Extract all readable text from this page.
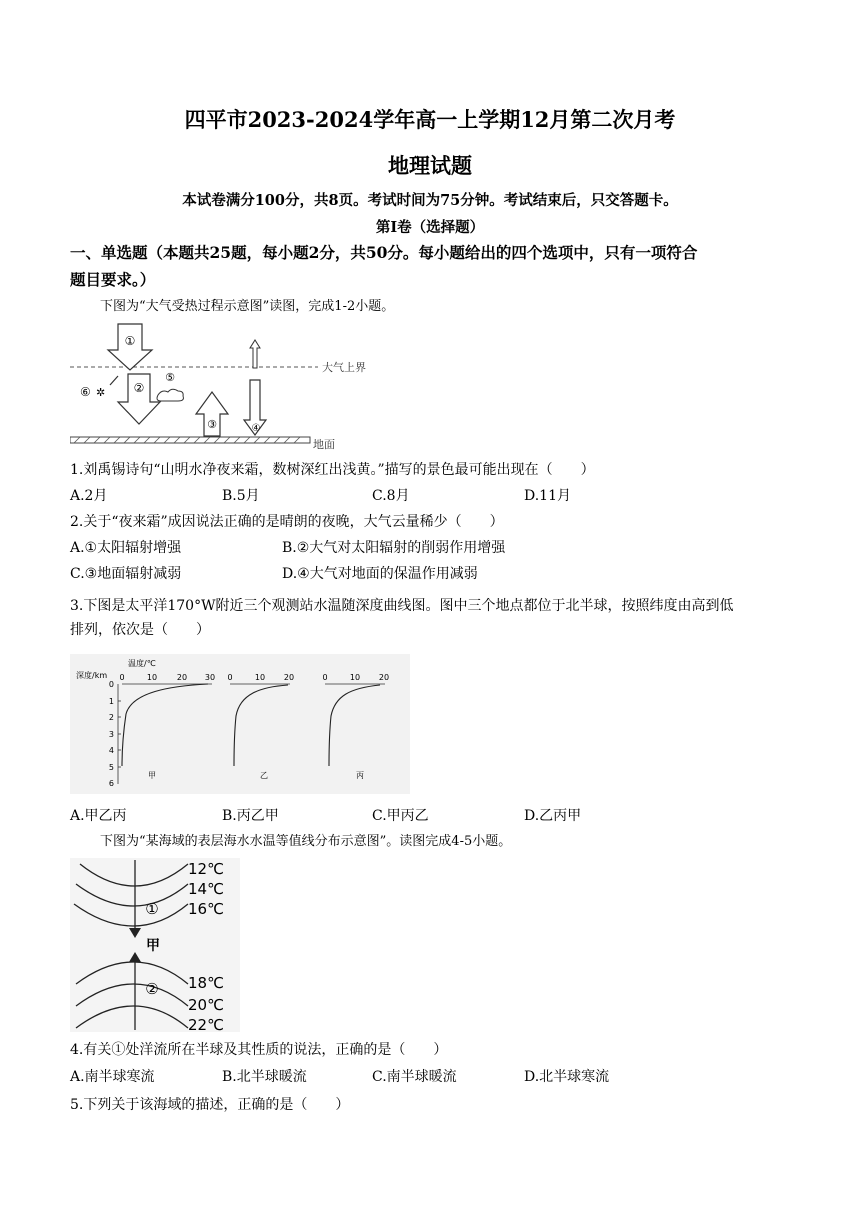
四平市2023-2024学年高一上学期12月第二次月考
地理试题
本试卷满分100分，共8页。考试时间为75分钟。考试结束后，只交答题卡。
第I卷（选择题）
一、单选题（本题共25题，每小题2分，共50分。每小题给出的四个选项中，只有一项符合
题目要求。）
下图为“大气受热过程示意图”读图，完成1-2小题。
大气上界
地面
①
②
③	④
⑤
⑥ ✲
1.刘禹锡诗句“山明水净夜来霜，数树深红出浅黄。”描写的景色最可能出现在（　　）
A.2月	B.5月	C.8月	D.11月
2.关于“夜来霜”成因说法正确的是晴朗的夜晚，大气云量稀少（　　）
A.①太阳辐射增强	B.②大气对太阳辐射的削弱作用增强
C.③地面辐射减弱	D.④大气对地面的保温作用减弱
3.下图是太平洋170°W附近三个观测站水温随深度曲线图。图中三个地点都位于北半球，按照纬度由高到低
排列，依次是（　　）
深度/km
温度/℃
0
1
2
3
4
5
6
0	10 20 30
甲
0	10 20
乙
0	10 20
丙
A.甲乙丙	B.丙乙甲	C.甲丙乙	D.乙丙甲
下图为“某海域的表层海水水温等值线分布示意图”。读图完成4-5小题。
12℃
14℃
16℃
①
甲
② 18℃
20℃
22℃
4.有关①处洋流所在半球及其性质的说法，正确的是（　　）
A.南半球寒流	B.北半球暖流	C.南半球暖流	D.北半球寒流
5.下列关于该海域的描述，正确的是（　　）
